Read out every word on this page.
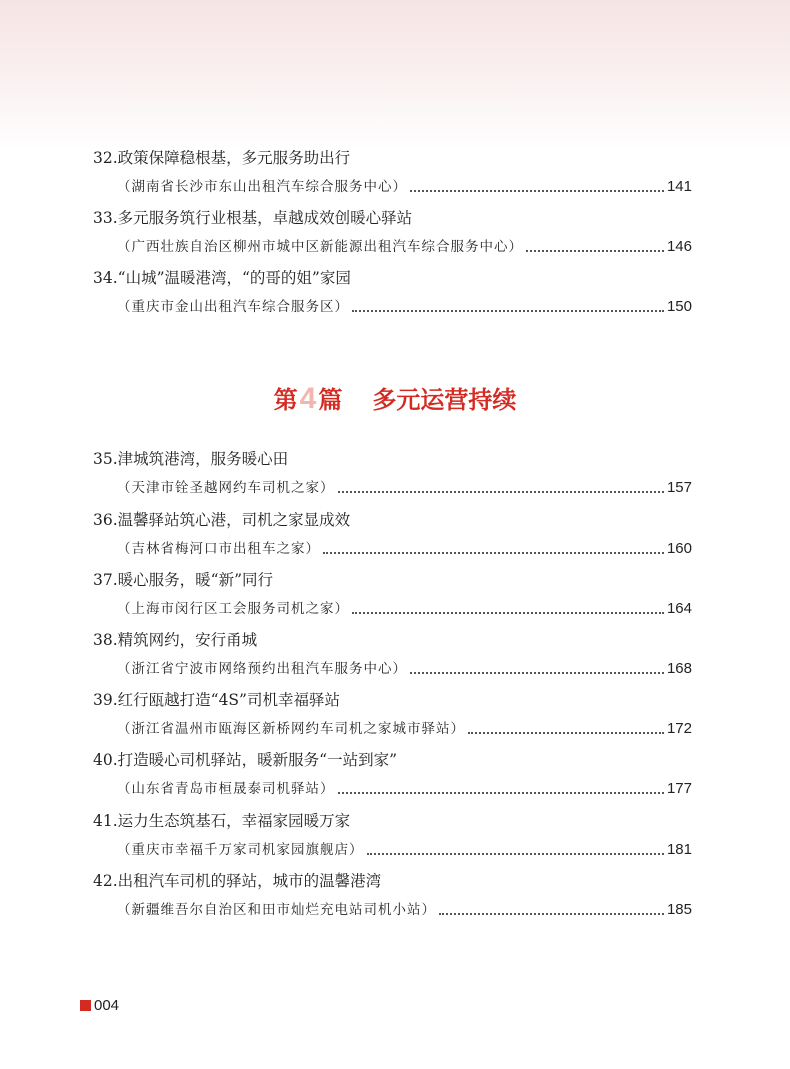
32.政策保障稳根基，多元服务助出行
（湖南省长沙市东山出租汽车综合服务中心）	141
33.多元服务筑行业根基，卓越成效创暖心驿站
（广西壮族自治区柳州市城中区新能源出租汽车综合服务中心）	146
34.“山城”温暖港湾，“的哥的姐”家园
（重庆市金山出租汽车综合服务区）	150
第4篇 多元运营持续
35.津城筑港湾，服务暖心田
（天津市铨圣越网约车司机之家）	157
36.温馨驿站筑心港，司机之家显成效
（吉林省梅河口市出租车之家）	160
37.暖心服务，暖“新”同行
（上海市闵行区工会服务司机之家）	164
38.精筑网约，安行甬城
（浙江省宁波市网络预约出租汽车服务中心）	168
39.红行瓯越打造“4S”司机幸福驿站
（浙江省温州市瓯海区新桥网约车司机之家城市驿站）	172
40.打造暖心司机驿站，暖新服务“一站到家”
（山东省青岛市桓晟泰司机驿站）	177
41.运力生态筑基石，幸福家园暖万家
（重庆市幸福千万家司机家园旗舰店）	181
42.出租汽车司机的驿站，城市的温馨港湾
（新疆维吾尔自治区和田市灿烂充电站司机小站）	185
004
